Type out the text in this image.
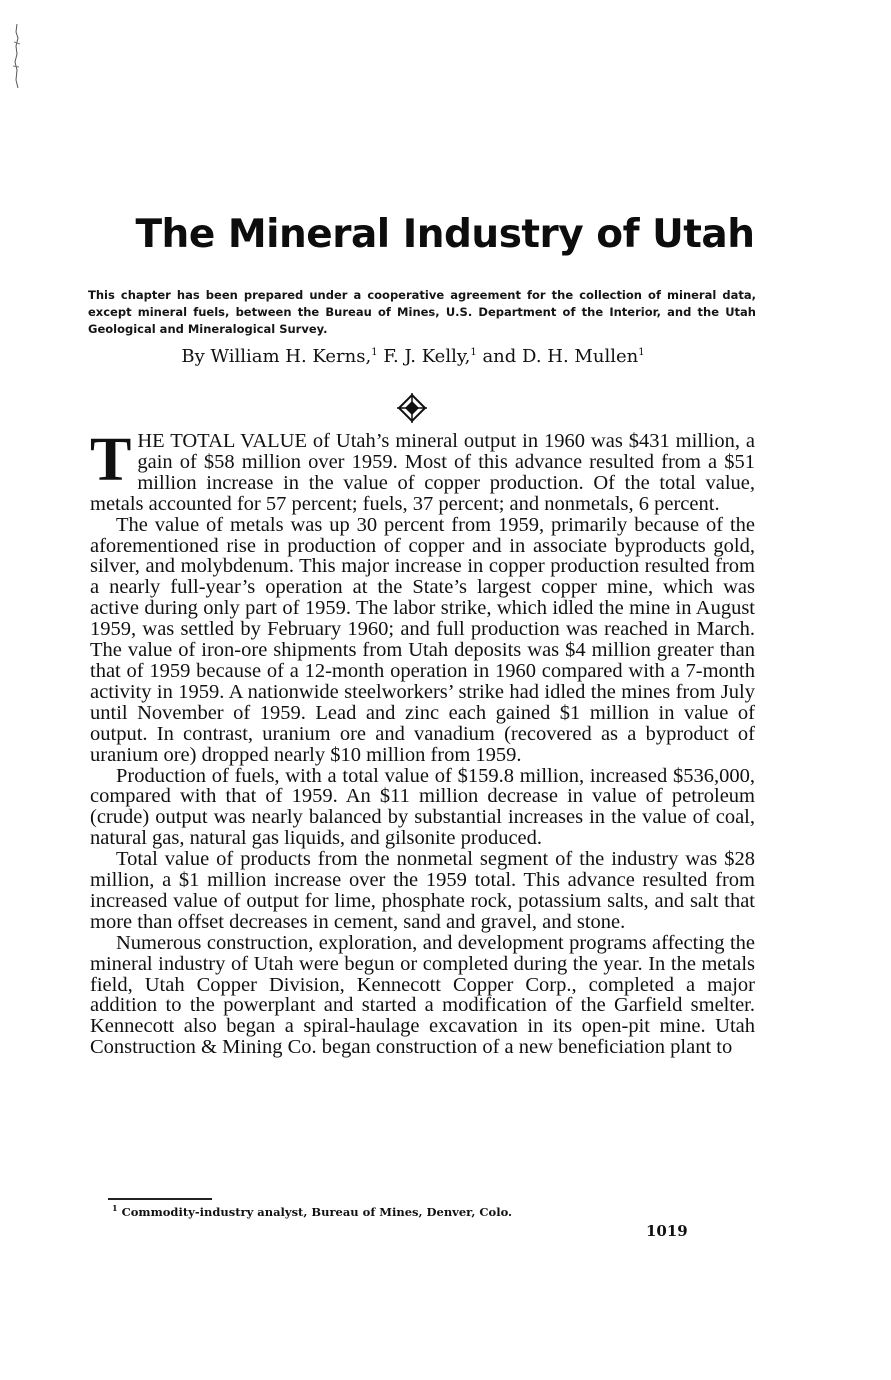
The Mineral Industry of Utah

This chapter has been prepared under a cooperative agreement for the collection of mineral data, except mineral fuels, between the Bureau of Mines, U.S. Department of the Interior, and the Utah Geological and Mineralogical Survey.

By William H. Kerns,$^1$ F. J. Kelly,$^1$ and D. H. Mullen$^1$

THE TOTAL VALUE of Utah’s mineral output in 1960 was $431 million, a gain of $58 million over 1959. Most of this advance resulted from a $51 million increase in the value of copper production. Of the total value, metals accounted for 57 percent; fuels, 37 percent; and nonmetals, 6 percent.

The value of metals was up 30 percent from 1959, primarily because of the aforementioned rise in production of copper and in associate byproducts gold, silver, and molybdenum. This major increase in copper production resulted from a nearly full-year’s operation at the State’s largest copper mine, which was active during only part of 1959. The labor strike, which idled the mine in August 1959, was settled by February 1960; and full production was reached in March. The value of iron-ore shipments from Utah deposits was $4 million greater than that of 1959 because of a 12-month operation in 1960 compared with a 7-month activity in 1959. A nationwide steelworkers’ strike had idled the mines from July until November of 1959. Lead and zinc each gained $1 million in value of output. In contrast, uranium ore and vanadium (recovered as a byproduct of uranium ore) dropped nearly $10 million from 1959.

Production of fuels, with a total value of $159.8 million, increased $536,000, compared with that of 1959. An $11 million decrease in value of petroleum (crude) output was nearly balanced by substantial increases in the value of coal, natural gas, natural gas liquids, and gilsonite produced.

Total value of products from the nonmetal segment of the industry was $28 million, a $1 million increase over the 1959 total. This advance resulted from increased value of output for lime, phosphate rock, potassium salts, and salt that more than offset decreases in cement, sand and gravel, and stone.

Numerous construction, exploration, and development programs affecting the mineral industry of Utah were begun or completed during the year. In the metals field, Utah Copper Division, Kennecott Copper Corp., completed a major addition to the powerplant and started a modification of the Garfield smelter. Kennecott also began a spiral-haulage excavation in its open-pit mine. Utah Construction & Mining Co. began construction of a new beneficiation plant to

$^1$ Commodity-industry analyst, Bureau of Mines, Denver, Colo.

1019
